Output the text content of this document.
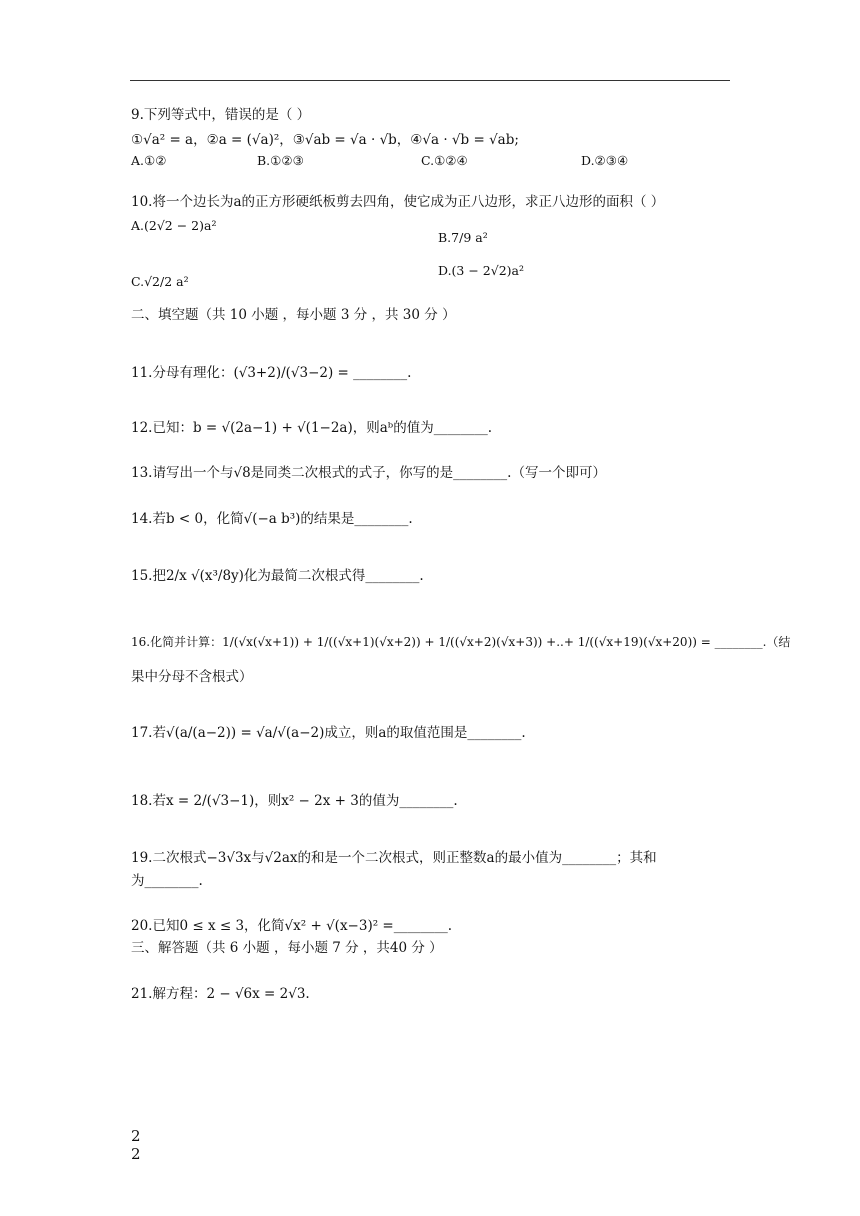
9.下列等式中，错误的是（ ）
①√a² = a，②a = (√a)²，③√ab = √a · √b，④√a · √b = √ab;
A.①②	B.①②③	C.①②④	D.②③④
10.将一个边长为a的正方形硬纸板剪去四角，使它成为正八边形，求正八边形的面积（ ）
A.(2√2 − 2)a²
B.7/9 a²
C.√2/2 a²
D.(3 − 2√2)a²
二、填空题（共 10 小题 ，每小题 3 分 ，共 30 分 ）
11.分母有理化：(√3+2)/(√3−2) = ________.
12.已知：b = √(2a−1) + √(1−2a)，则aᵇ的值为________.
13.请写出一个与√8是同类二次根式的式子，你写的是________.（写一个即可）
14.若b < 0，化简√(−a b³)的结果是________.
15.把2/x √(x³/8y)化为最简二次根式得________.
16.化简并计算：1/(√x(√x+1)) + 1/((√x+1)(√x+2)) + 1/((√x+2)(√x+3)) +..+ 1/((√x+19)(√x+20)) = ________.（结
果中分母不含根式）
17.若√(a/(a−2)) = √a/√(a−2)成立，则a的取值范围是________.
18.若x = 2/(√3−1)，则x² − 2x + 3的值为________.
19.二次根式−3√3x与√2ax的和是一个二次根式，则正整数a的最小值为________；其和
为________.
20.已知0 ≤ x ≤ 3，化简√x² + √(x−3)² =________.
三、解答题（共 6 小题 ，每小题 7 分 ，共40 分 ）
21.解方程：2 − √6x = 2√3.
2
2
